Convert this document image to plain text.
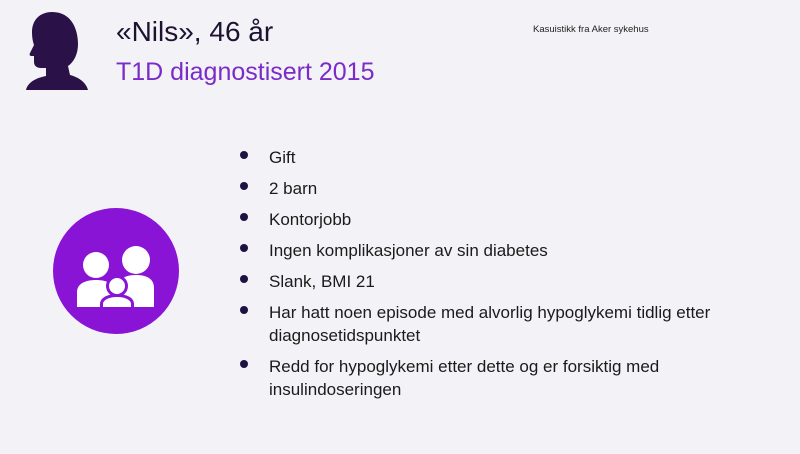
«Nils», 46 år
T1D diagnostisert 2015
Kasuistikk fra Aker sykehus
Gift
2 barn
Kontorjobb
Ingen komplikasjoner av sin diabetes
Slank, BMI 21
Har hatt noen episode med alvorlig hypoglykemi tidlig etter diagnosetidspunktet
Redd for hypoglykemi etter dette og er forsiktig med insulindoseringen
